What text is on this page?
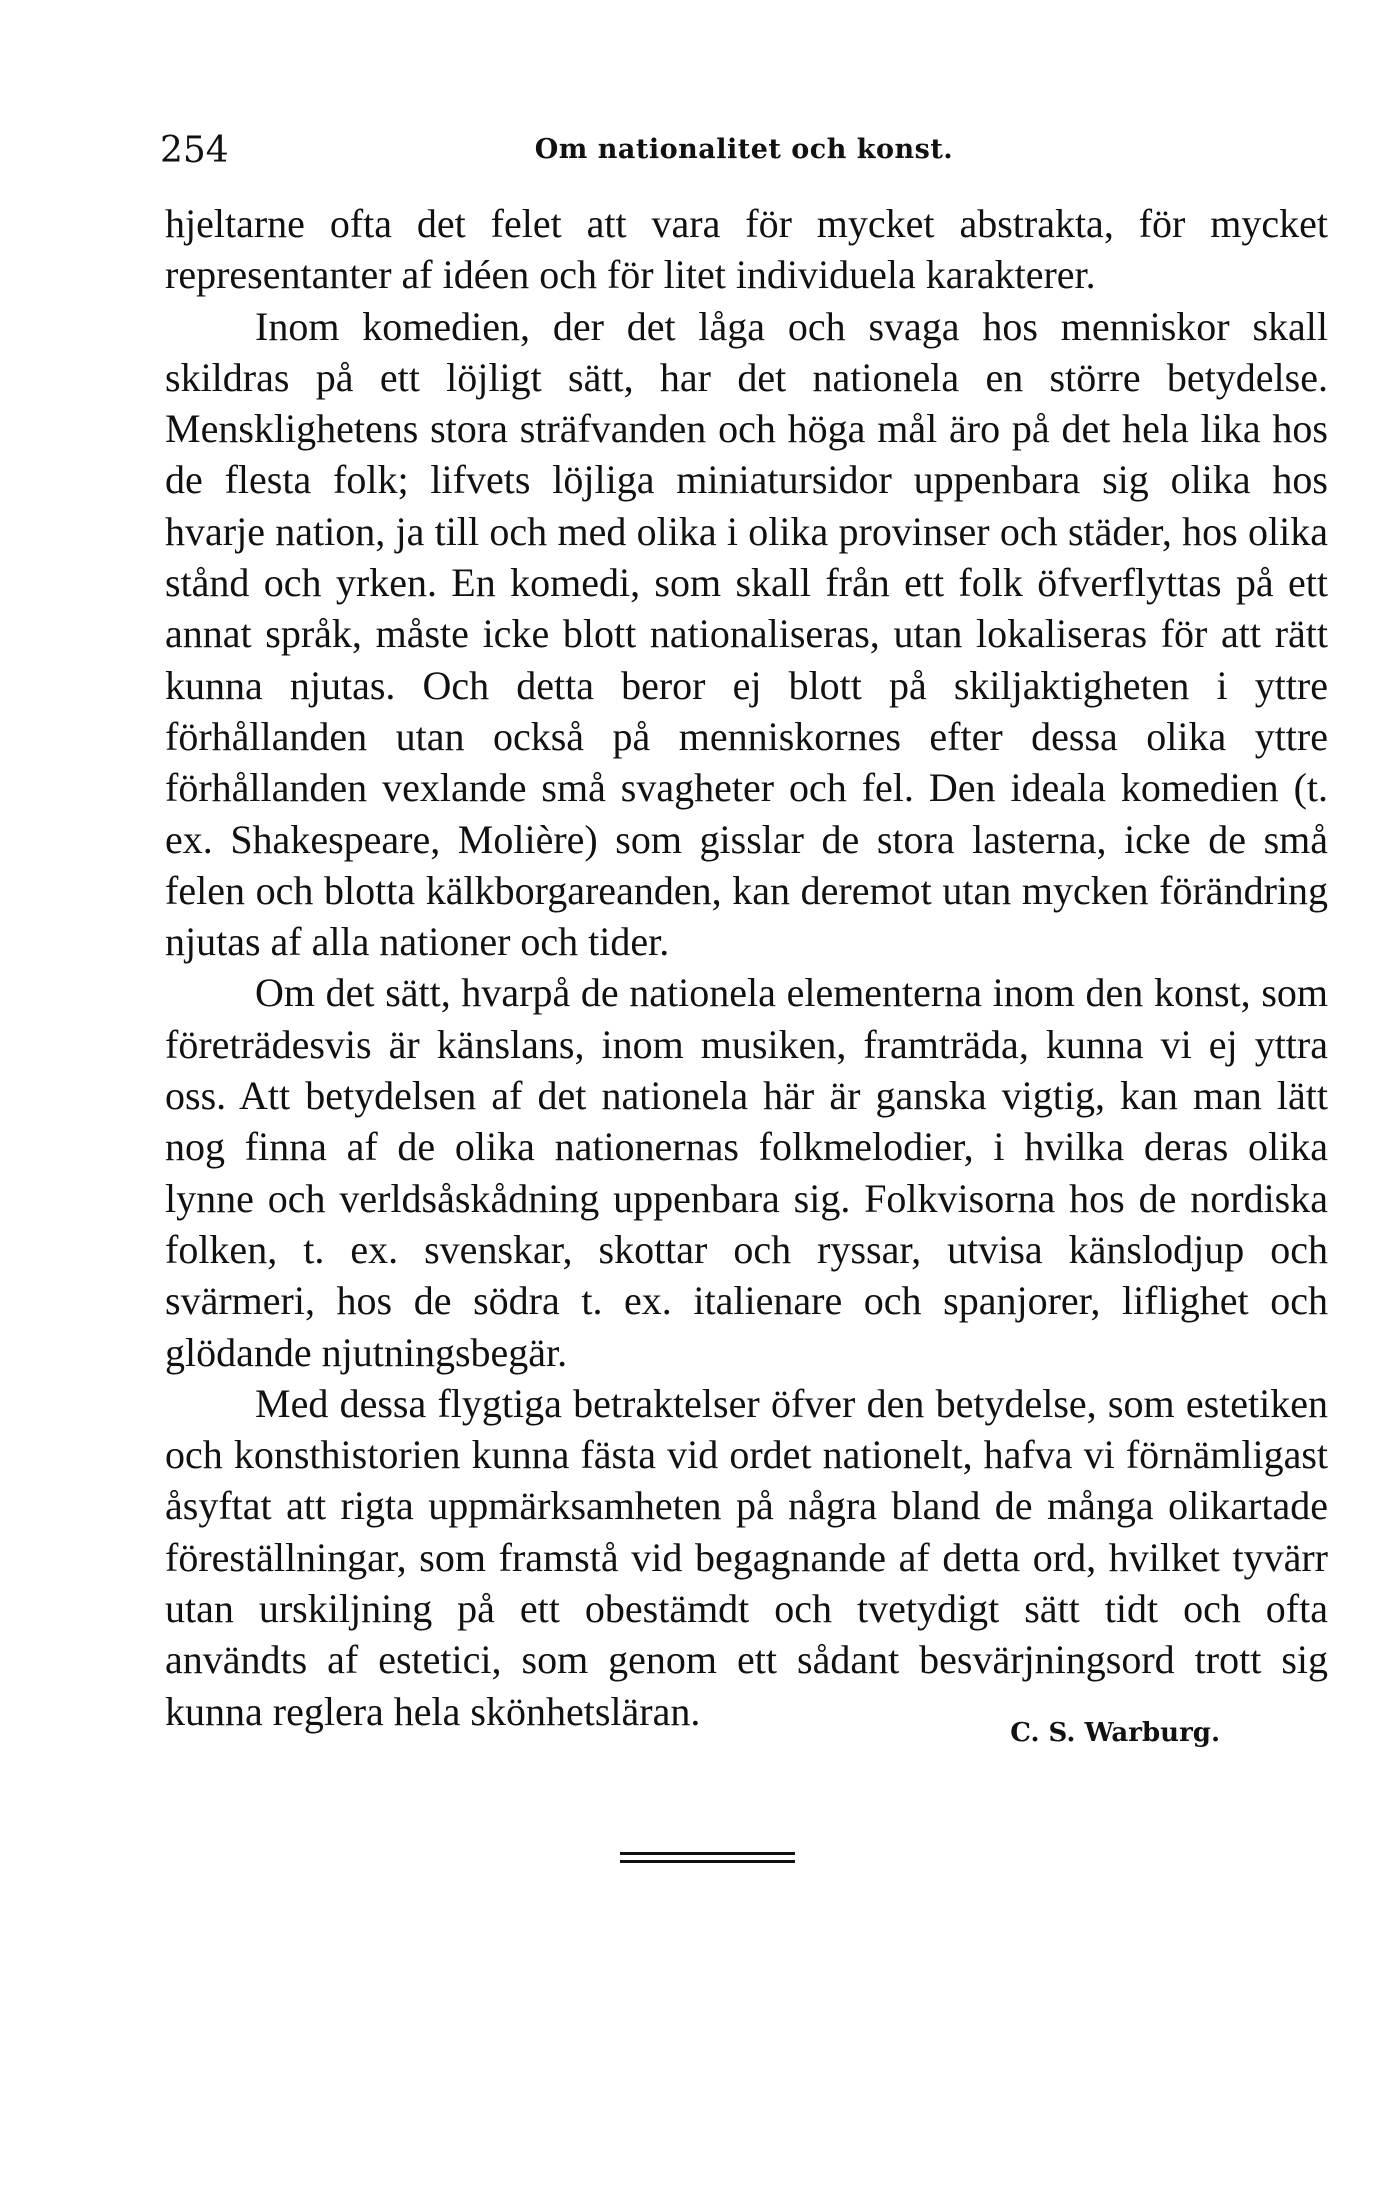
254	Om nationalitet och konst.

hjeltarne ofta det felet att vara för mycket abstrakta, för mycket representanter af idéen och för litet individuela karakterer.

Inom komedien, der det låga och svaga hos menniskor skall skildras på ett löjligt sätt, har det nationela en större betydelse. Mensklighetens stora sträfvanden och höga mål äro på det hela lika hos de flesta folk; lifvets löjliga miniatursidor uppenbara sig olika hos hvarje nation, ja till och med olika i olika provinser och städer, hos olika stånd och yrken. En komedi, som skall från ett folk öfverflyttas på ett annat språk, måste icke blott nationaliseras, utan lokaliseras för att rätt kunna njutas. Och detta beror ej blott på skiljaktigheten i yttre förhållanden utan också på menniskornes efter dessa olika yttre förhållanden vexlande små svagheter och fel. Den ideala komedien (t. ex. Shakespeare, Molière) som gisslar de stora lasterna, icke de små felen och blotta kälkborgareanden, kan deremot utan mycken förändring njutas af alla nationer och tider.

Om det sätt, hvarpå de nationela elementerna inom den konst, som företrädesvis är känslans, inom musiken, framträda, kunna vi ej yttra oss. Att betydelsen af det nationela här är ganska vigtig, kan man lätt nog finna af de olika nationernas folkmelodier, i hvilka deras olika lynne och verldsåskådning uppenbara sig. Folkvisorna hos de nordiska folken, t. ex. svenskar, skottar och ryssar, utvisa känslodjup och svärmeri, hos de södra t. ex. italienare och spanjorer, liflighet och glödande njutningsbegär.

Med dessa flygtiga betraktelser öfver den betydelse, som estetiken och konsthistorien kunna fästa vid ordet nationelt, hafva vi förnämligast åsyftat att rigta uppmärksamheten på några bland de många olikartade föreställningar, som framstå vid begagnande af detta ord, hvilket tyvärr utan urskiljning på ett obestämdt och tvetydigt sätt tidt och ofta användts af estetici, som genom ett sådant besvärjningsord trott sig kunna reglera hela skönhetsläran.	C. S. Warburg.
